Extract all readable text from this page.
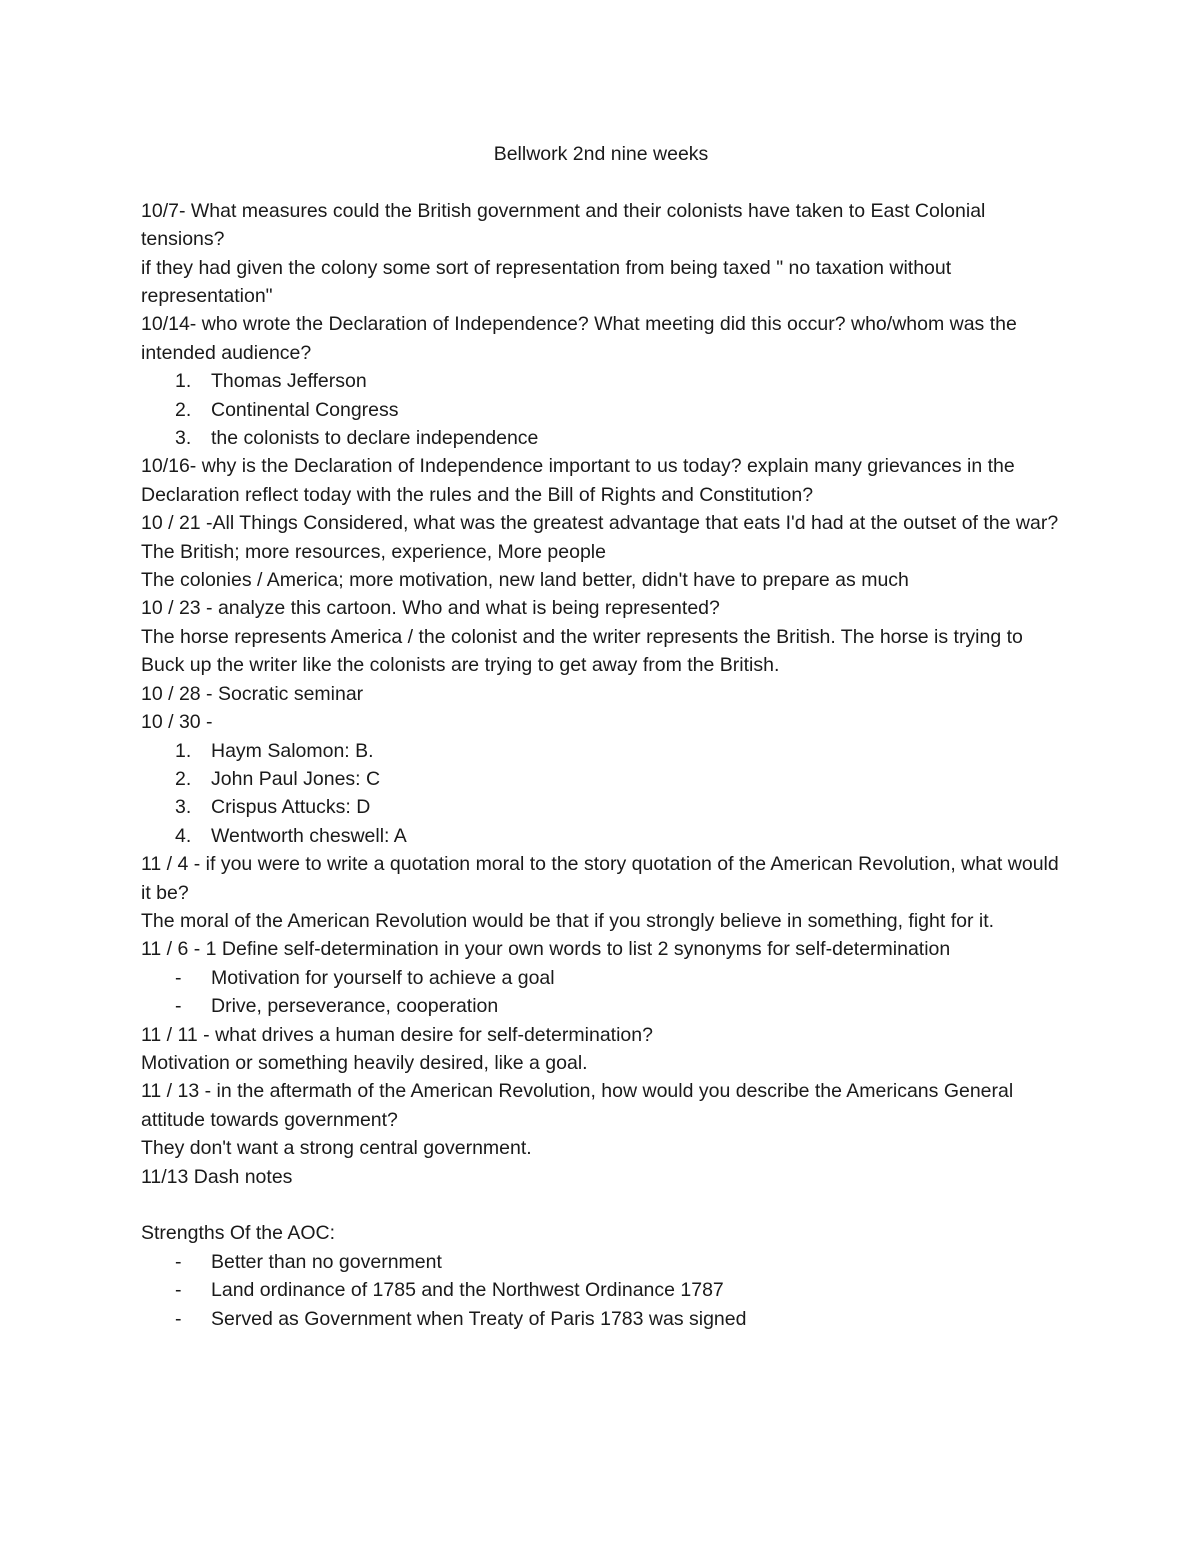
Bellwork 2nd nine weeks

10/7- What measures could the British government and their colonists have taken to East Colonial tensions?

if they had given the colony some sort of representation from being taxed " no taxation without representation"

10/14- who wrote the Declaration of Independence? What meeting did this occur? who/whom was the intended audience?

1. Thomas Jefferson

2. Continental Congress

3. the colonists to declare independence

10/16- why is the Declaration of Independence important to us today? explain many grievances in the Declaration reflect today with the rules and the Bill of Rights and Constitution?

10 / 21 -All Things Considered, what was the greatest advantage that eats I'd had at the outset of the war?

The British; more resources, experience, More people

The colonies / America; more motivation, new land better, didn't have to prepare as much

10 / 23 - analyze this cartoon. Who and what is being represented?

The horse represents America / the colonist and the writer represents the British. The horse is trying to Buck up the writer like the colonists are trying to get away from the British.

10 / 28 - Socratic seminar

10 / 30 -

1. Haym Salomon: B.

2. John Paul Jones: C

3. Crispus Attucks: D

4. Wentworth cheswell: A

11 / 4 - if you were to write a quotation moral to the story quotation of the American Revolution, what would it be?

The moral of the American Revolution would be that if you strongly believe in something, fight for it.

11 / 6 - 1 Define self-determination in your own words to list 2 synonyms for self-determination

- Motivation for yourself to achieve a goal

- Drive, perseverance, cooperation

11 / 11 - what drives a human desire for self-determination?

Motivation or something heavily desired, like a goal.

11 / 13 - in the aftermath of the American Revolution, how would you describe the Americans General attitude towards government?

They don't want a strong central government.

11/13 Dash notes

Strengths Of the AOC:

- Better than no government

- Land ordinance of 1785 and the Northwest Ordinance 1787

- Served as Government when Treaty of Paris 1783 was signed
